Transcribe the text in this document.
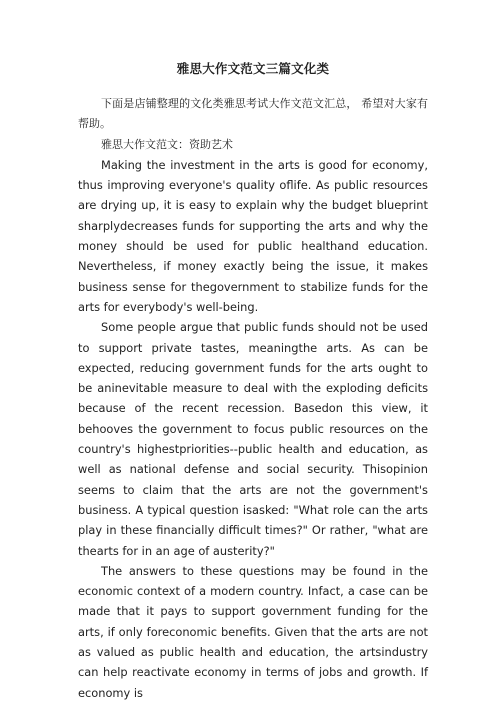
雅思大作文范文三篇文化类

下面是店铺整理的文化类雅思考试大作文范文汇总， 希望对大家有帮助。

雅思大作文范文：资助艺术

Making the investment in the arts is good for economy, thus improving everyone's quality oflife. As public resources are drying up, it is easy to explain why the budget blueprint sharplydecreases funds for supporting the arts and why the money should be used for public healthand education. Nevertheless, if money exactly being the issue, it makes business sense for thegovernment to stabilize funds for the arts for everybody's well-being.

Some people argue that public funds should not be used to support private tastes, meaningthe arts. As can be expected, reducing government funds for the arts ought to be aninevitable measure to deal with the exploding deficits because of the recent recession. Basedon this view, it behooves the government to focus public resources on the country's highestpriorities--public health and education, as well as national defense and social security. Thisopinion seems to claim that the arts are not the government's business. A typical question isasked: "What role can the arts play in these financially difficult times?" Or rather, "what are thearts for in an age of austerity?"

The answers to these questions may be found in the economic context of a modern country. Infact, a case can be made that it pays to support government funding for the arts, if only foreconomic benefits. Given that the arts are not as valued as public health and education, the artsindustry can help reactivate economy in terms of jobs and growth. If economy is
